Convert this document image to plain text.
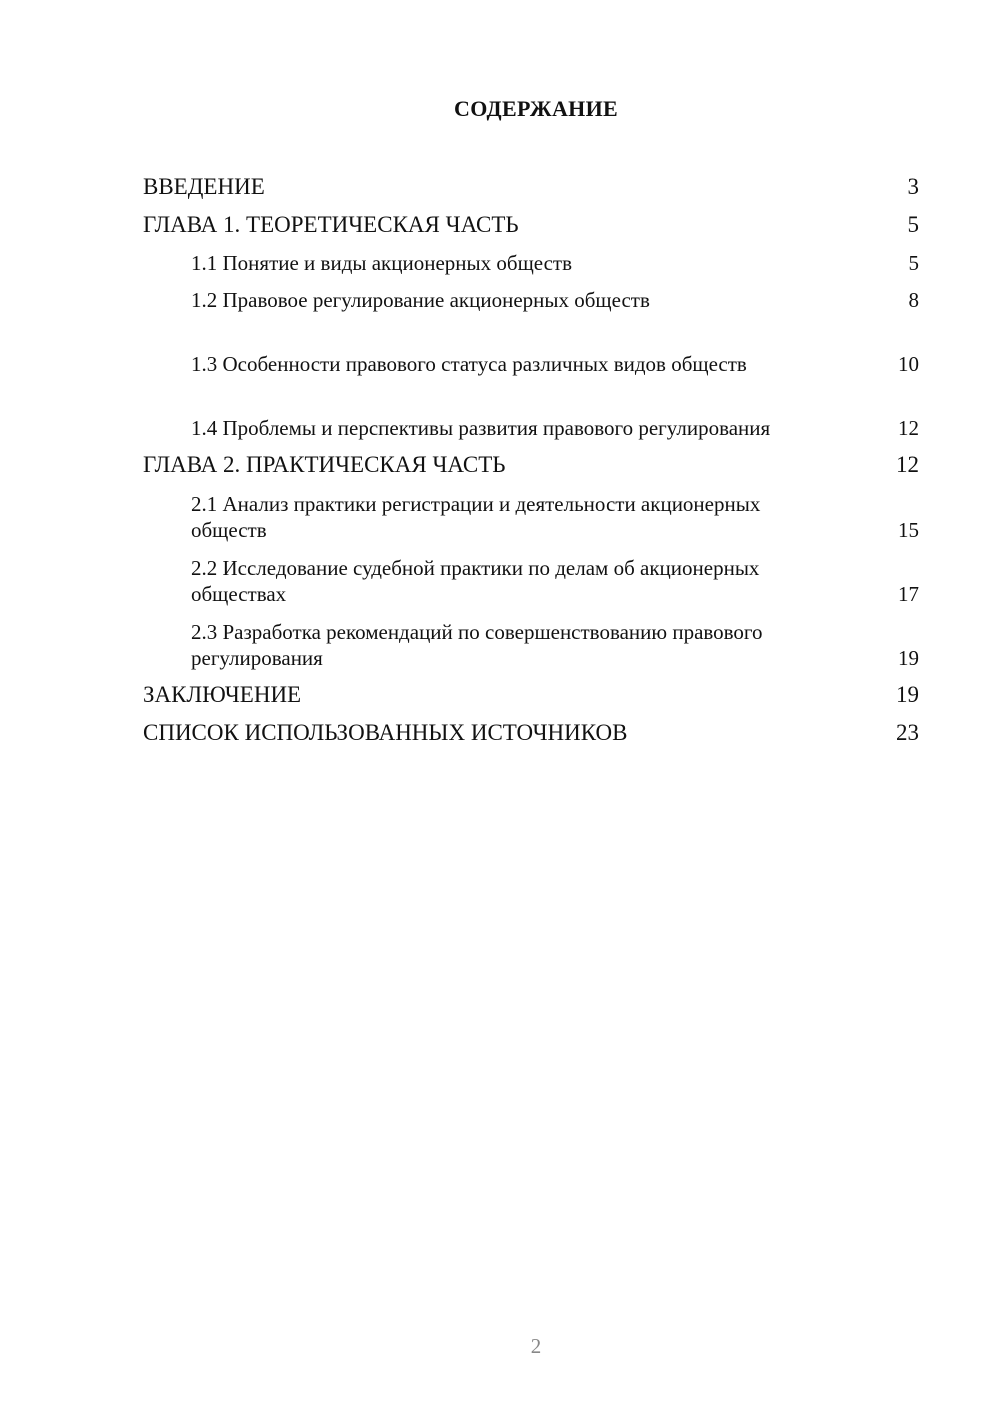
СОДЕРЖАНИЕ
ВВЕДЕНИЕ	3
ГЛАВА 1. ТЕОРЕТИЧЕСКАЯ ЧАСТЬ	5
1.1 Понятие и виды акционерных обществ	5
1.2 Правовое регулирование акционерных обществ	8
1.3 Особенности правового статуса различных видов обществ	10
1.4 Проблемы и перспективы развития правового регулирования	12
ГЛАВА 2. ПРАКТИЧЕСКАЯ ЧАСТЬ	12
2.1 Анализ практики регистрации и деятельности акционерных обществ	15
2.2 Исследование судебной практики по делам об акционерных обществах	17
2.3 Разработка рекомендаций по совершенствованию правового регулирования	19
ЗАКЛЮЧЕНИЕ	19
СПИСОК ИСПОЛЬЗОВАННЫХ ИСТОЧНИКОВ	23
2
